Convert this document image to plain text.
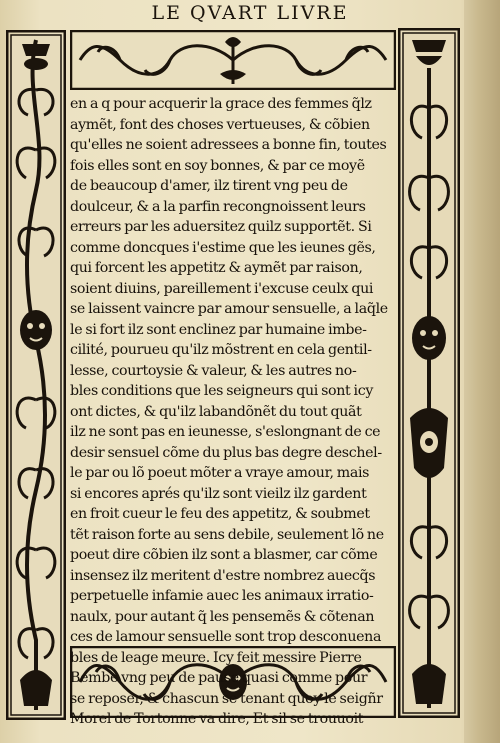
LE QVART LIVRE
en a q pour acquerir la grace des femmes q̃lz
aymẽt, font des choses vertueuses, & cõbien
qu'elles ne soient adressees a bonne fin, toutes
fois elles sont en soy bonnes, & par ce moyẽ
de beaucoup d'amer, ilz tirent vng peu de
doulceur, & a la parfin recongnoissent leurs
erreurs par les aduersitez quilz supportẽt. Si
comme doncques i'estime que les ieunes gẽs,
qui forcent les appetitz & aymẽt par raison,
soient diuins, pareillement i'excuse ceulx qui
se laissent vaincre par amour sensuelle, a laq̃le
le si fort ilz sont enclinez par humaine imbe-
cilité, pourueu qu'ilz mõstrent en cela gentil-
lesse, courtoysie & valeur, & les autres no-
bles conditions que les seigneurs qui sont icy
ont dictes, & qu'ilz labandõnẽt du tout quãt
ilz ne sont pas en ieunesse, s'eslongnant de ce
desir sensuel cõme du plus bas degre deschel-
le par ou lõ poeut mõter a vraye amour, mais
si encores aprés qu'ilz sont vieilz ilz gardent
en froit cueur le feu des appetitz, & soubmet
tẽt raison forte au sens debile, seulement lõ ne
poeut dire cõbien ilz sont a blasmer, car cõme
insensez ilz meritent d'estre nombrez auecq̃s
perpetuelle infamie auec les animaux irratio-
naulx, pour autant q̃ les pensemẽs & cõtenan
ces de lamour sensuelle sont trop desconuena
bles de leage meure. Icy feit messire Pierre
Bembe vng peu de pause quasi comme pour
se reposer, & chascun se tenant quoy le seigñr
Morel de Tortonne va dire, Et sil se trouuoit
